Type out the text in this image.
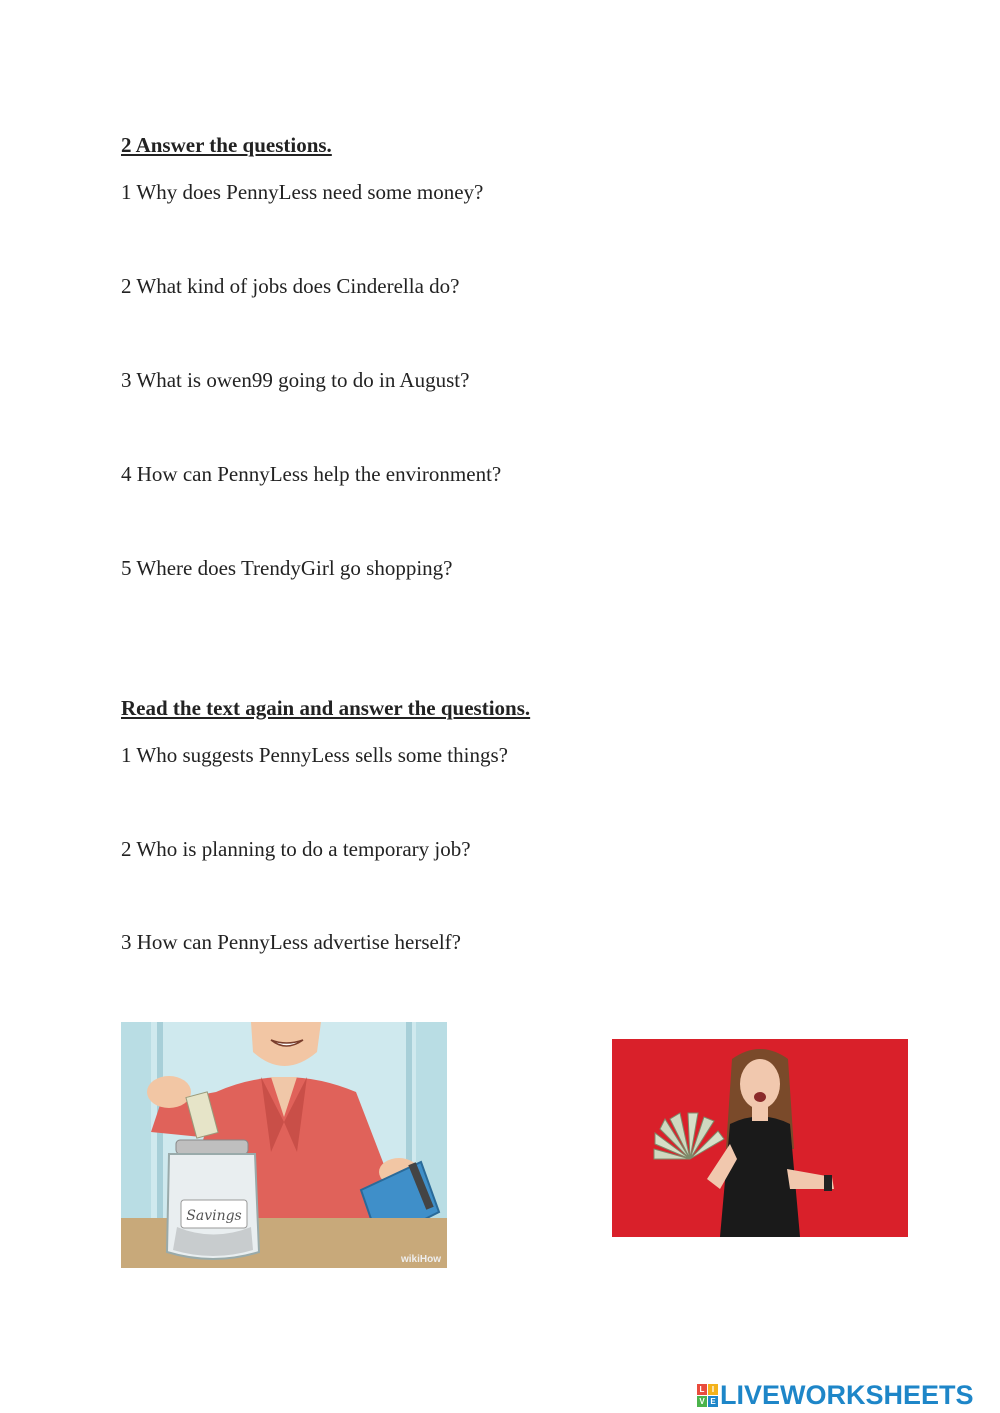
2 Answer the questions.

1 Why does PennyLess need some money?

2 What kind of jobs does Cinderella do?

3 What is owen99 going to do in August?

4 How can PennyLess help the environment?

5 Where does TrendyGirl go shopping?

Read the text again and answer the questions.

1 Who suggests PennyLess sells some things?

2 Who is planning to do a temporary job?

3 How can PennyLess advertise herself?

Savings
wikiHow
L I
V E LIVEWORKSHEETS
